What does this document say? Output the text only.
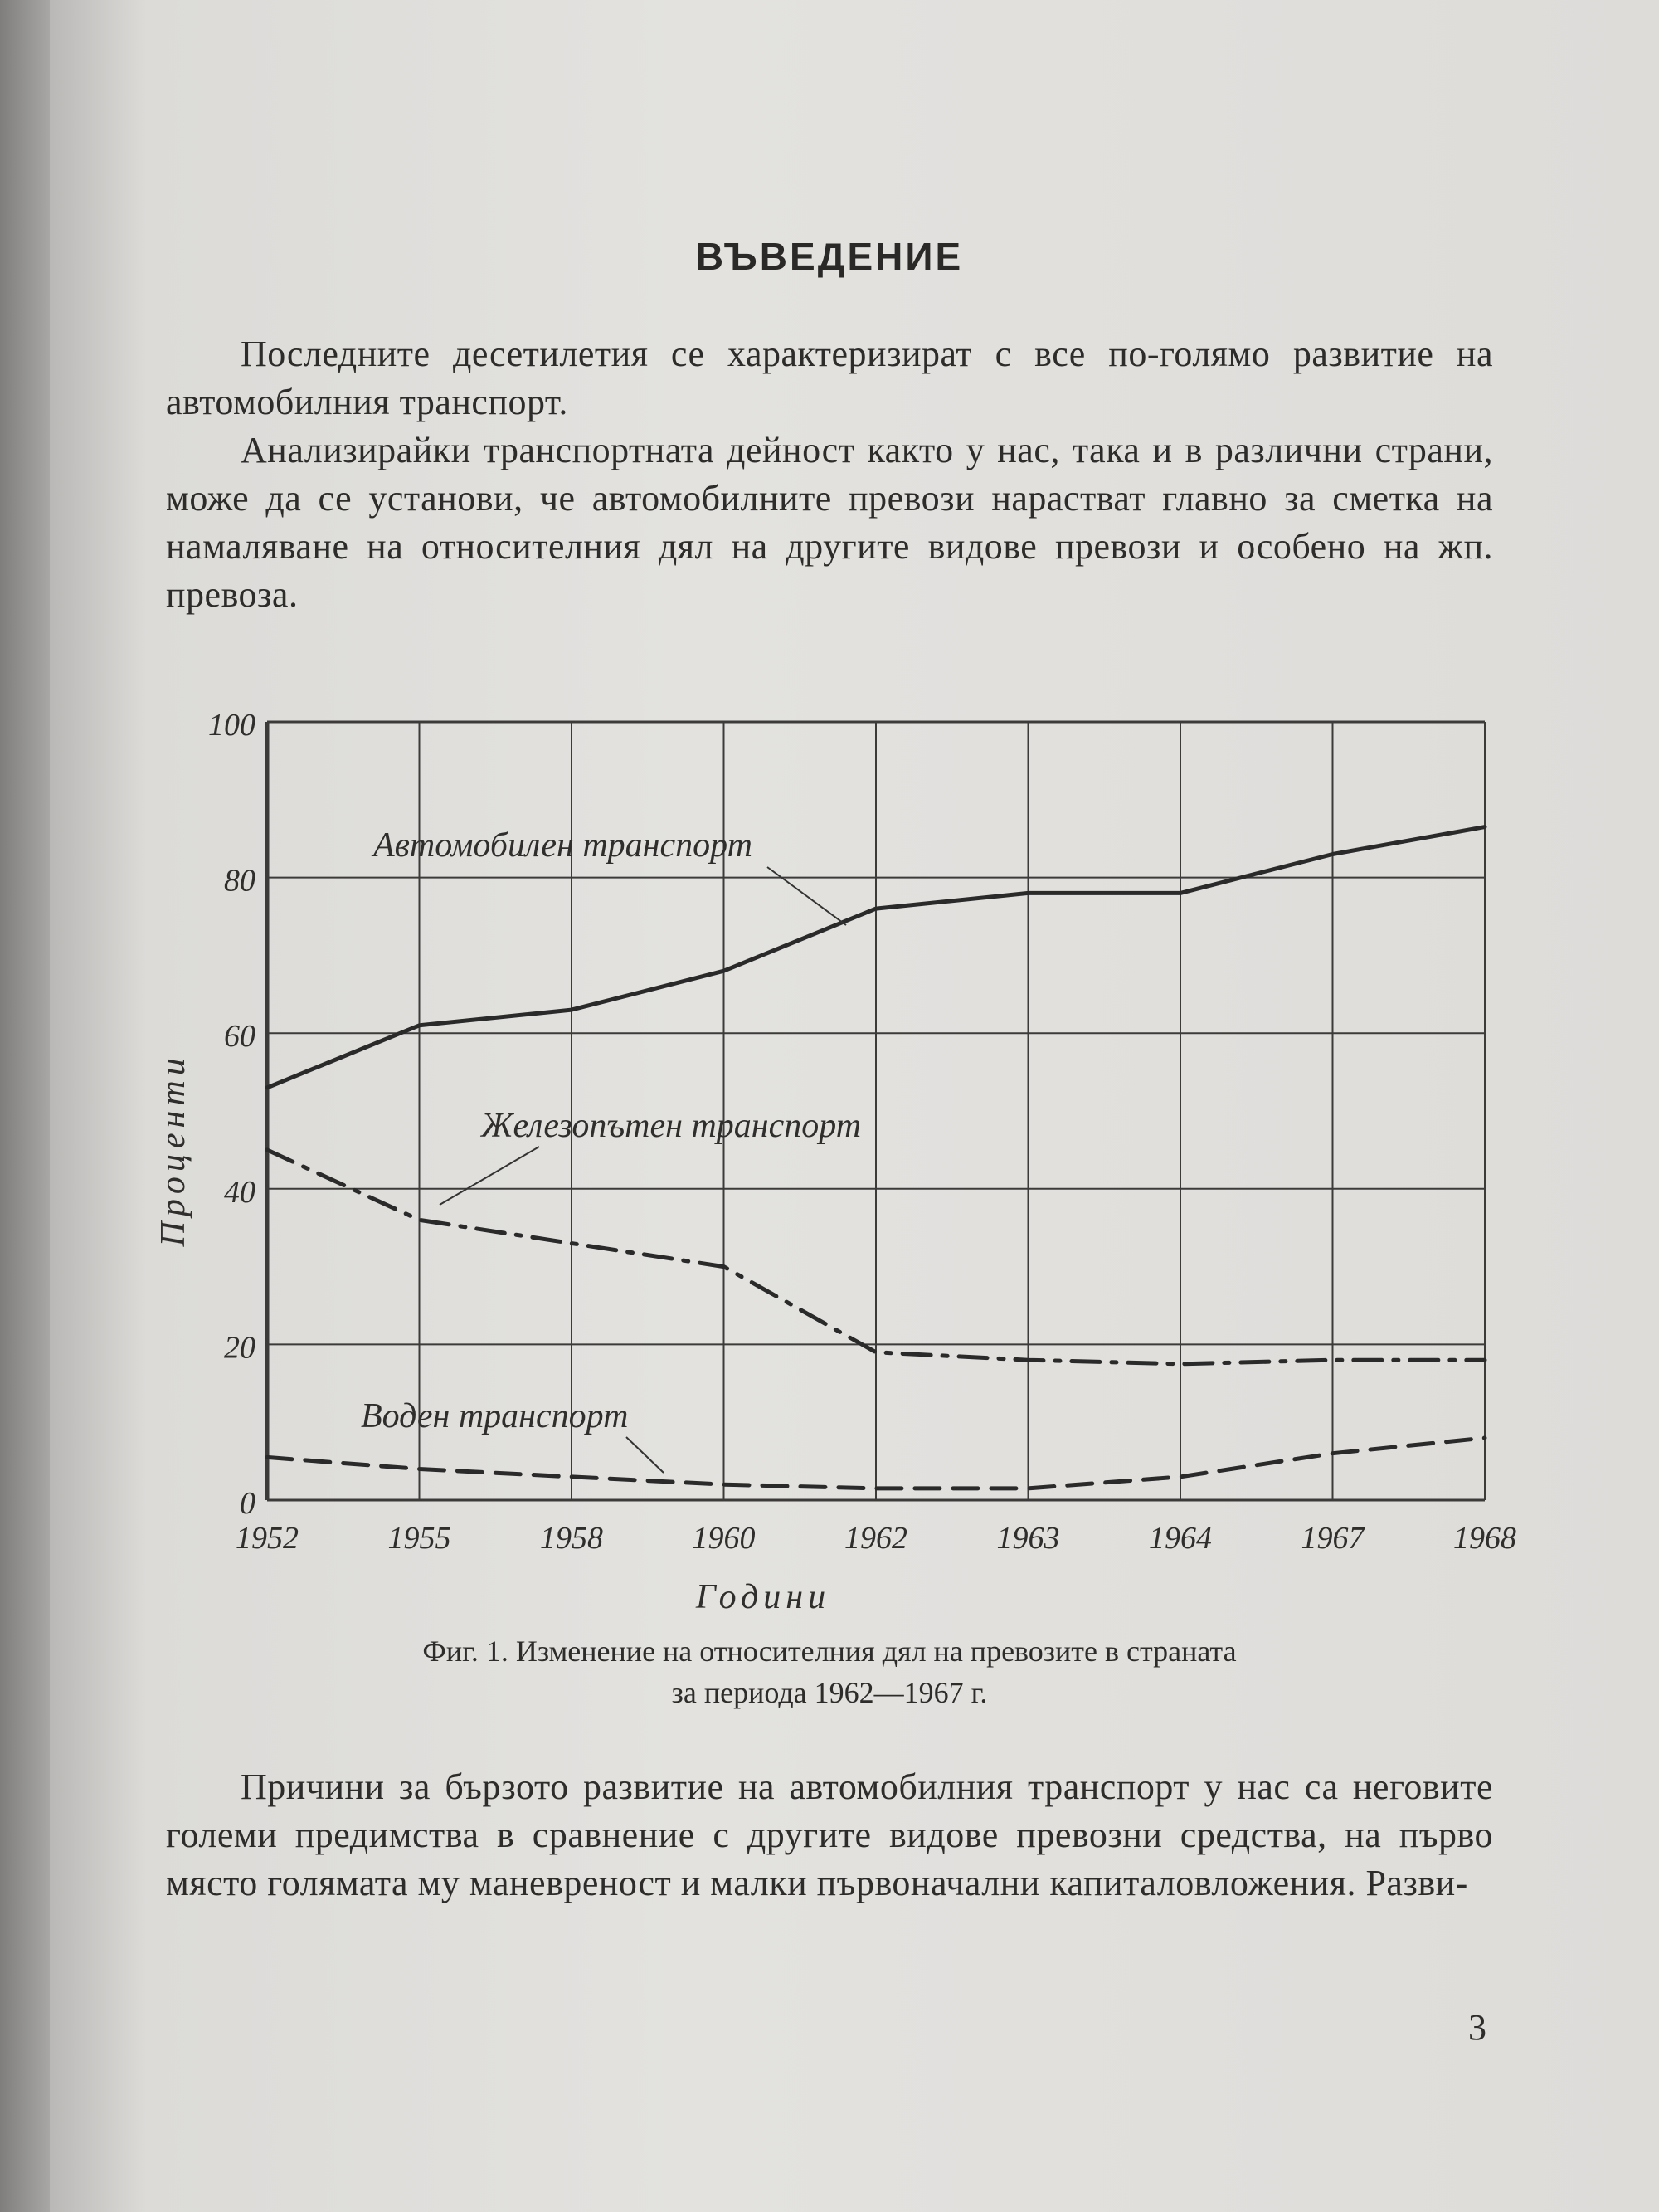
ВЪВЕДЕНИЕ
Последните десетилетия се характеризират с все по-голямо развитие на автомобилния транспорт.
Анализирайки транспортната дейност както у нас, така и в различни страни, може да се установи, че автомобилните превози нарастват главно за сметка на намаляване на относителния дял на другите видове превози и особено на жп. превоза.
0
20
40
60
80
100
1952	1955	1958	1960	1962	1963	1964	1967	1968
Проценти
Години
Автомобилен транспорт
Железопътен транспорт
Воден транспорт
Фиг. 1. Изменение на относителния дял на превозите в страната
за периода 1962—1967 г.
Причини за бързото развитие на автомобилния транспорт у нас са неговите големи предимства в сравнение с другите видове превозни средства, на първо място голямата му маневреност и малки първоначални капиталовложения. Разви-
3
